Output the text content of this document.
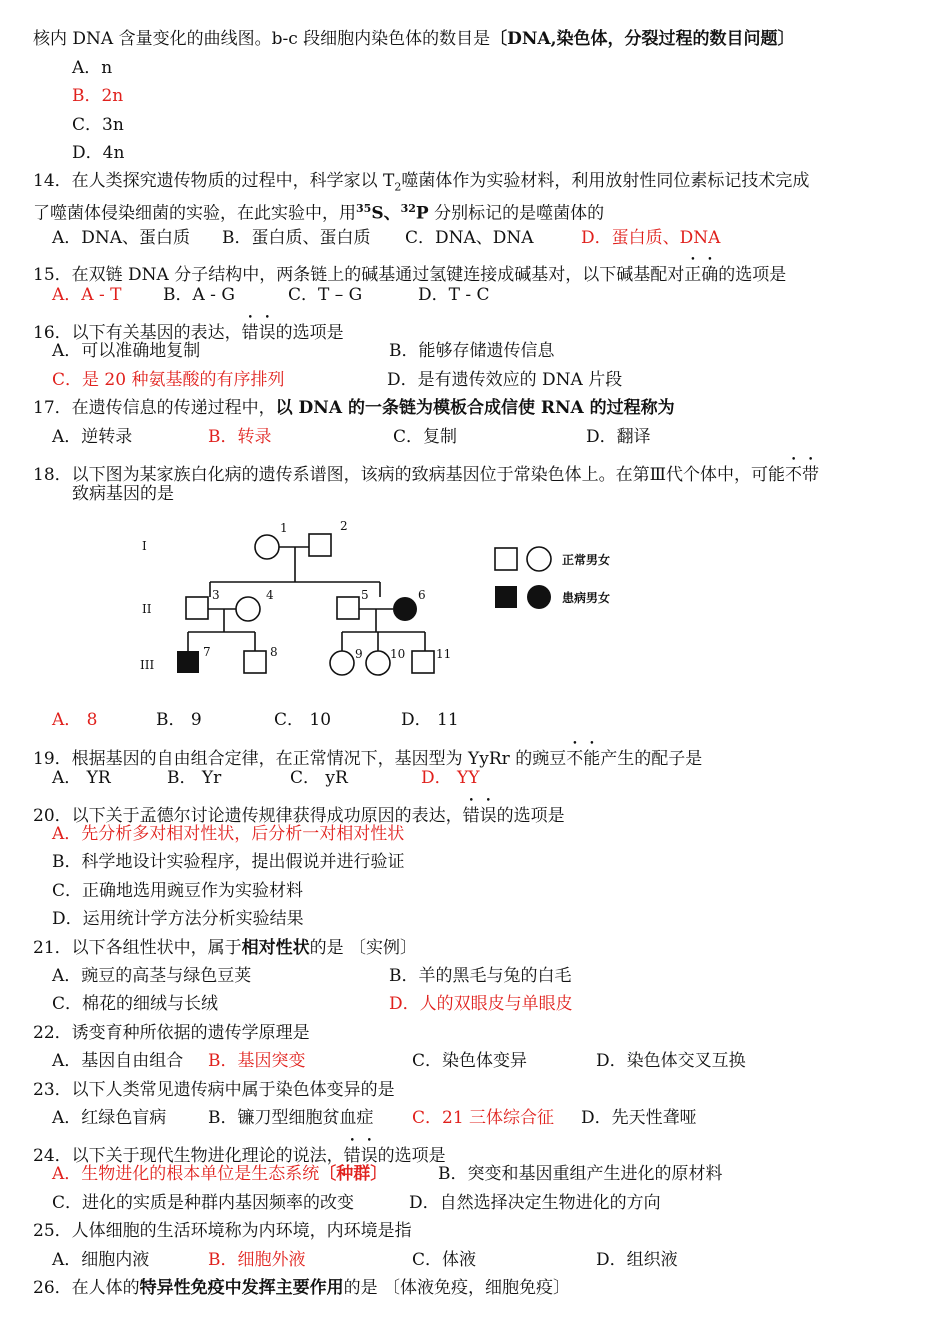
核内 DNA 含量变化的曲线图。b-c 段细胞内染色体的数目是〔DNA,染色体，分裂过程的数目问题〕
A．n
B．2n
C．3n
D．4n
14．在人类探究遗传物质的过程中，科学家以 $T_2$噬菌体作为实验材料，利用放射性同位素标记技术完成
了噬菌体侵染细菌的实验，在此实验中，用$^{35}$S、$^{32}$P 分别标记的是噬菌体的
A．DNA、蛋白质 B．蛋白质、蛋白质 C．DNA、DNA	D．蛋白质、DNA
15．在双链 DNA 分子结构中，两条链上的碱基通过氢键连接成碱基对，以下碱基配对正确的选项是
A．A - T B．A - G	C．T – G	D．T - C
16．以下有关基因的表达，错误的选项是
A．可以准确地复制	B．能够存储遗传信息
C．是 20 种氨基酸的有序排列	D．是有遗传效应的 DNA 片段
17．在遗传信息的传递过程中，以 DNA 的一条链为模板合成信使 RNA 的过程称为
A．逆转录	B．转录	C．复制	D．翻译
18．以下图为某家族白化病的遗传系谱图，该病的致病基因位于常染色体上。在第Ⅲ代个体中，可能不带
致病基因的是
I
II
III
1	2
3	4	5	6
7	8	9 10	11
正常男女
患病男女
A． 8	B． 9	C． 10	D． 11
19．根据基因的自由组合定律，在正常情况下，基因型为 YyRr 的豌豆不能产生的配子是
A． YR	B． Yr	C． yR	D． YY
20．以下关于孟德尔讨论遗传规律获得成功原因的表达，错误的选项是
A．先分析多对相对性状，后分析一对相对性状
B．科学地设计实验程序，提出假说并进行验证
C．正确地选用豌豆作为实验材料
D．运用统计学方法分析实验结果
21．以下各组性状中，属于相对性状的是 〔实例〕
A．豌豆的高茎与绿色豆荚	B．羊的黑毛与兔的白毛
C．棉花的细绒与长绒	D．人的双眼皮与单眼皮
22．诱变育种所依据的遗传学原理是
A．基因自由组合 B．基因突变	C．染色体变异	D．染色体交叉互换
23．以下人类常见遗传病中属于染色体变异的是
A．红绿色盲病 B．镰刀型细胞贫血症 C．21 三体综合征 D．先天性聋哑
24．以下关于现代生物进化理论的说法，错误的选项是
A．生物进化的根本单位是生态系统〔种群〕	B．突变和基因重组产生进化的原材料
C．进化的实质是种群内基因频率的改变	D．自然选择决定生物进化的方向
25．人体细胞的生活环境称为内环境，内环境是指
A．细胞内液	B．细胞外液	C．体液	D．组织液
26．在人体的特异性免疫中发挥主要作用的是 〔体液免疫，细胞免疫〕
